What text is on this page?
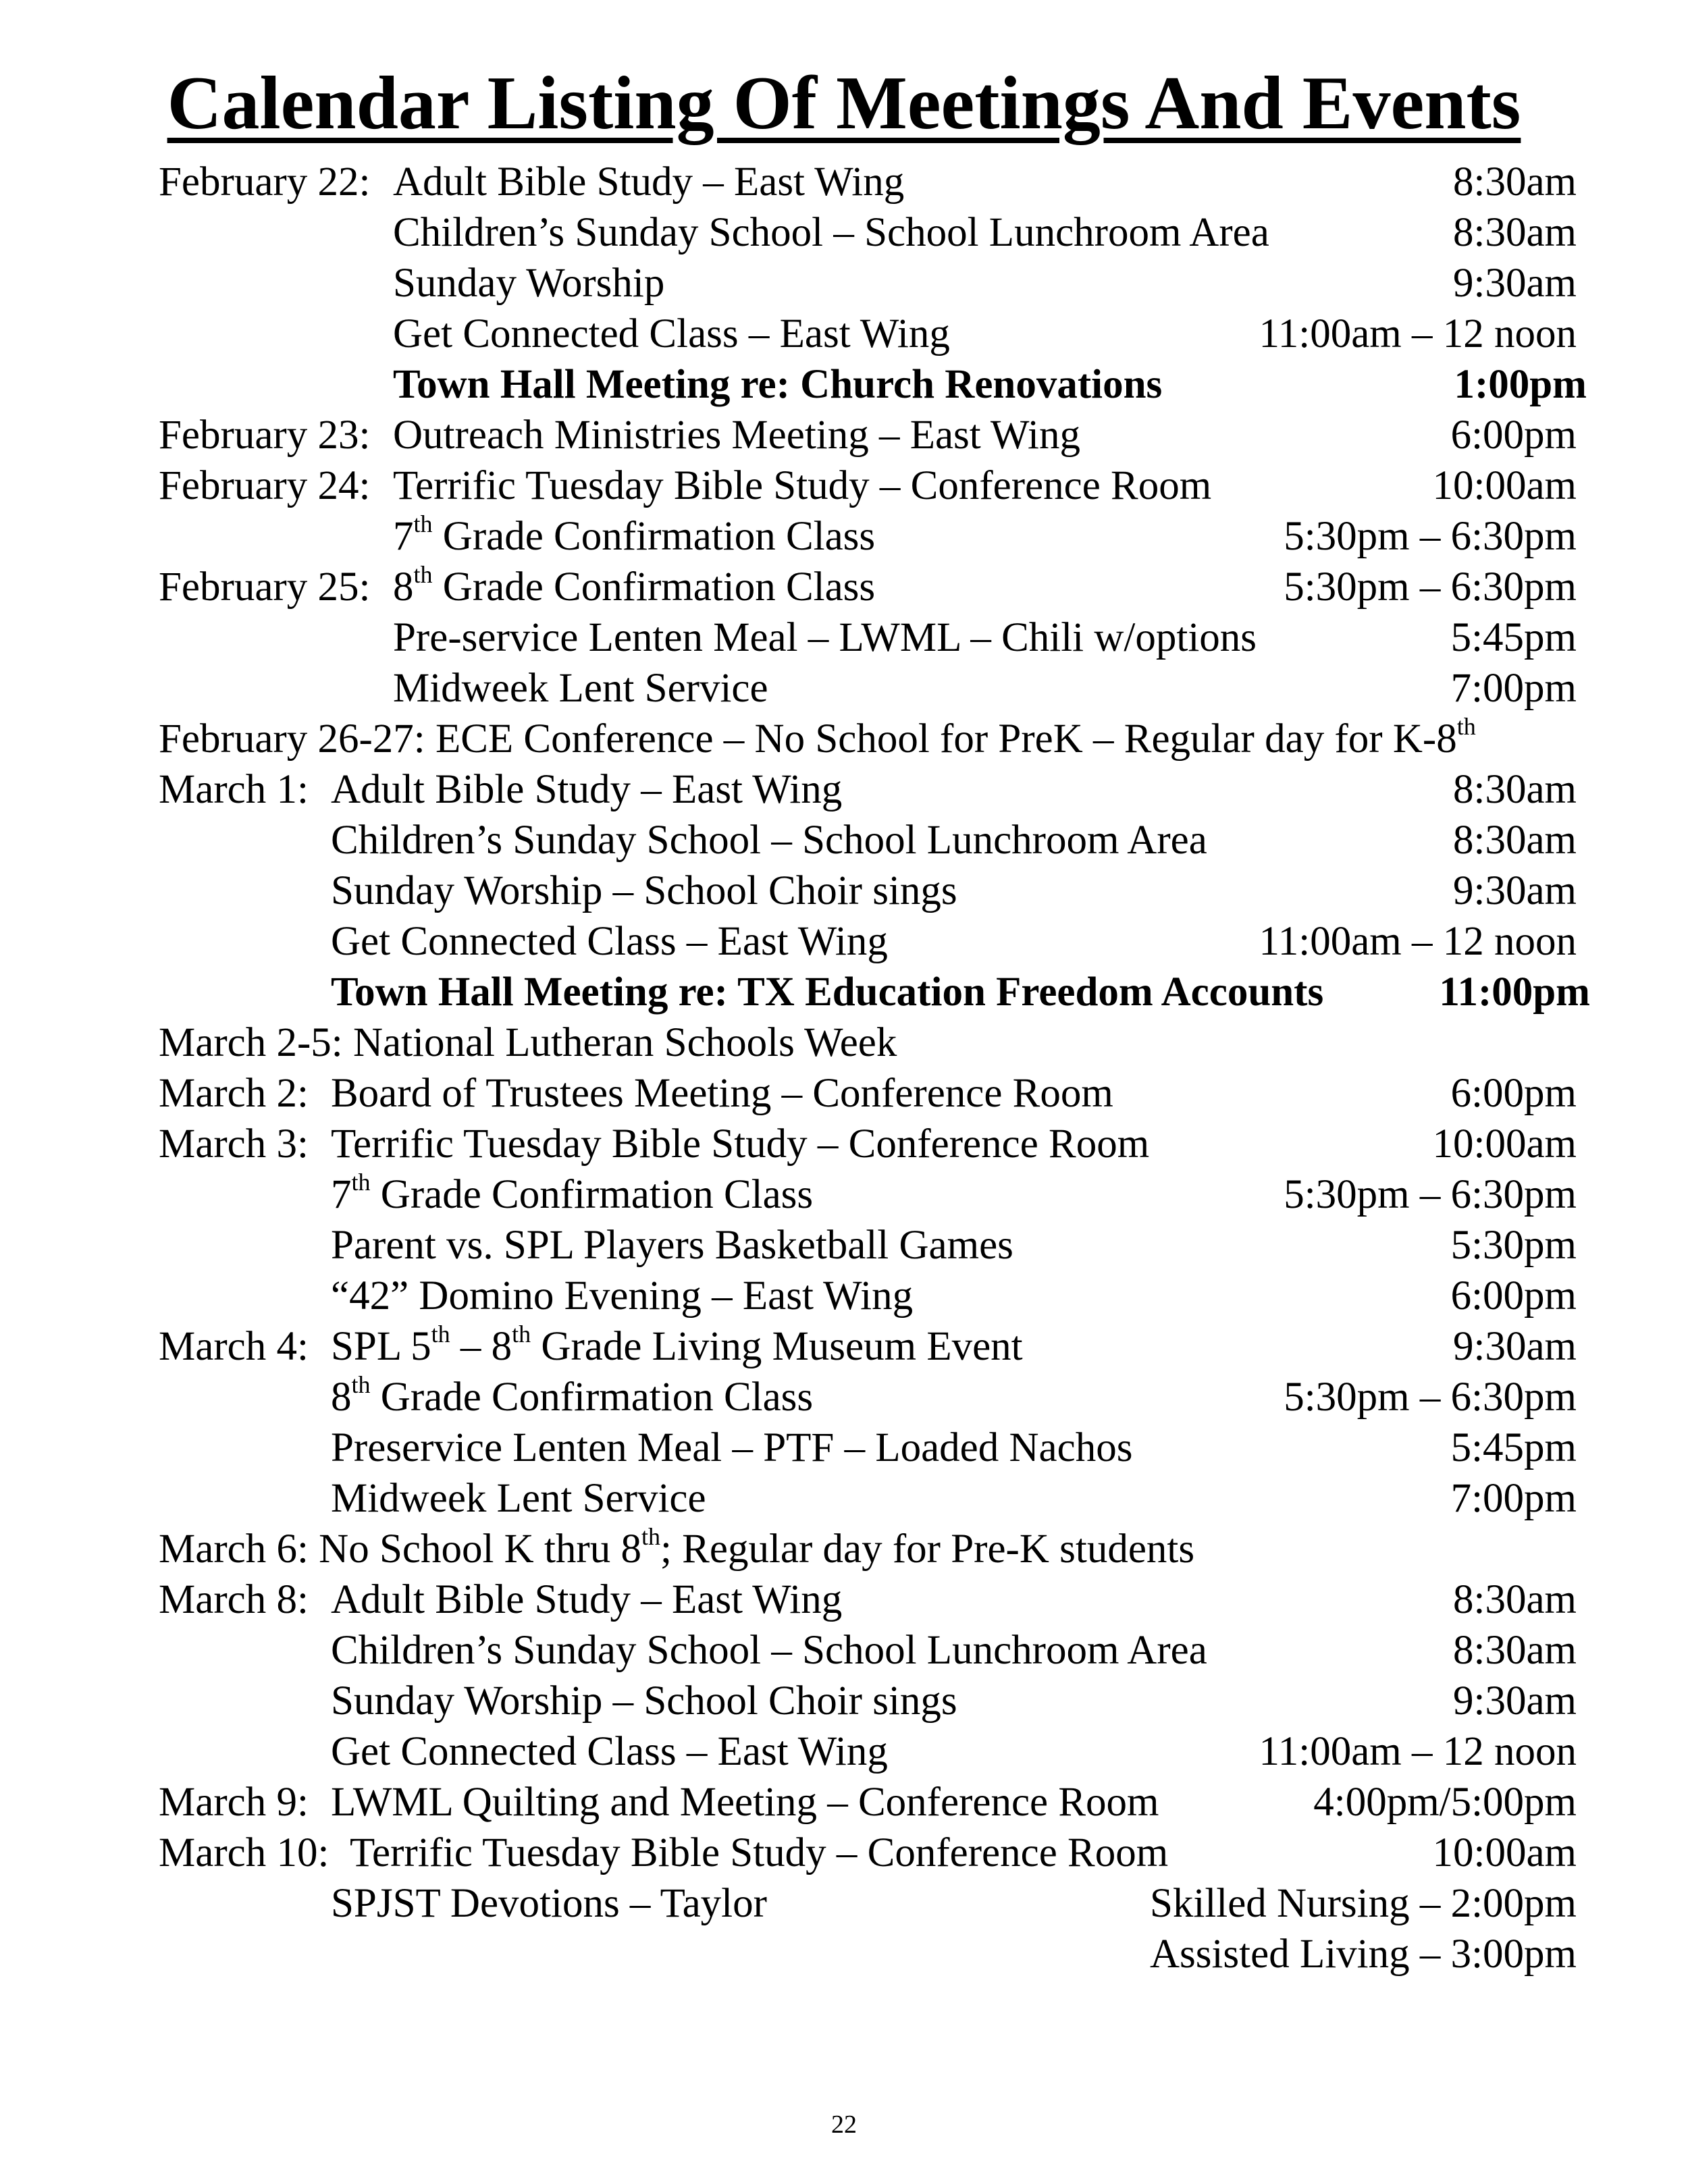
Calendar Listing Of Meetings And Events
February 22: Adult Bible Study – East Wing	8:30am
Children’s Sunday School – School Lunchroom Area	8:30am
Sunday Worship	9:30am
Get Connected Class – East Wing	11:00am – 12 noon
Town Hall Meeting re: Church Renovations	1:00pm
February 23: Outreach Ministries Meeting – East Wing	6:00pm
February 24: Terrific Tuesday Bible Study – Conference Room	10:00am
7th Grade Confirmation Class	5:30pm – 6:30pm
February 25: 8th Grade Confirmation Class	5:30pm – 6:30pm
Pre-service Lenten Meal – LWML – Chili w/options	5:45pm
Midweek Lent Service	7:00pm
February 26-27: ECE Conference – No School for PreK – Regular day for K-8th
March 1: Adult Bible Study – East Wing	8:30am
Children’s Sunday School – School Lunchroom Area	8:30am
Sunday Worship – School Choir sings	9:30am
Get Connected Class – East Wing	11:00am – 12 noon
Town Hall Meeting re: TX Education Freedom Accounts	11:00pm
March 2-5: National Lutheran Schools Week
March 2: Board of Trustees Meeting – Conference Room	6:00pm
March 3: Terrific Tuesday Bible Study – Conference Room	10:00am
7th Grade Confirmation Class	5:30pm – 6:30pm
Parent vs. SPL Players Basketball Games	5:30pm
“42” Domino Evening – East Wing	6:00pm
March 4: SPL 5th – 8th Grade Living Museum Event	9:30am
8th Grade Confirmation Class	5:30pm – 6:30pm
Preservice Lenten Meal – PTF – Loaded Nachos	5:45pm
Midweek Lent Service	7:00pm
March 6: No School K thru 8th; Regular day for Pre-K students
March 8: Adult Bible Study – East Wing	8:30am
Children’s Sunday School – School Lunchroom Area	8:30am
Sunday Worship – School Choir sings	9:30am
Get Connected Class – East Wing	11:00am – 12 noon
March 9: LWML Quilting and Meeting – Conference Room	4:00pm/5:00pm
March 10: Terrific Tuesday Bible Study – Conference Room	10:00am
SPJST Devotions – Taylor	Skilled Nursing – 2:00pm
Assisted Living – 3:00pm
22
